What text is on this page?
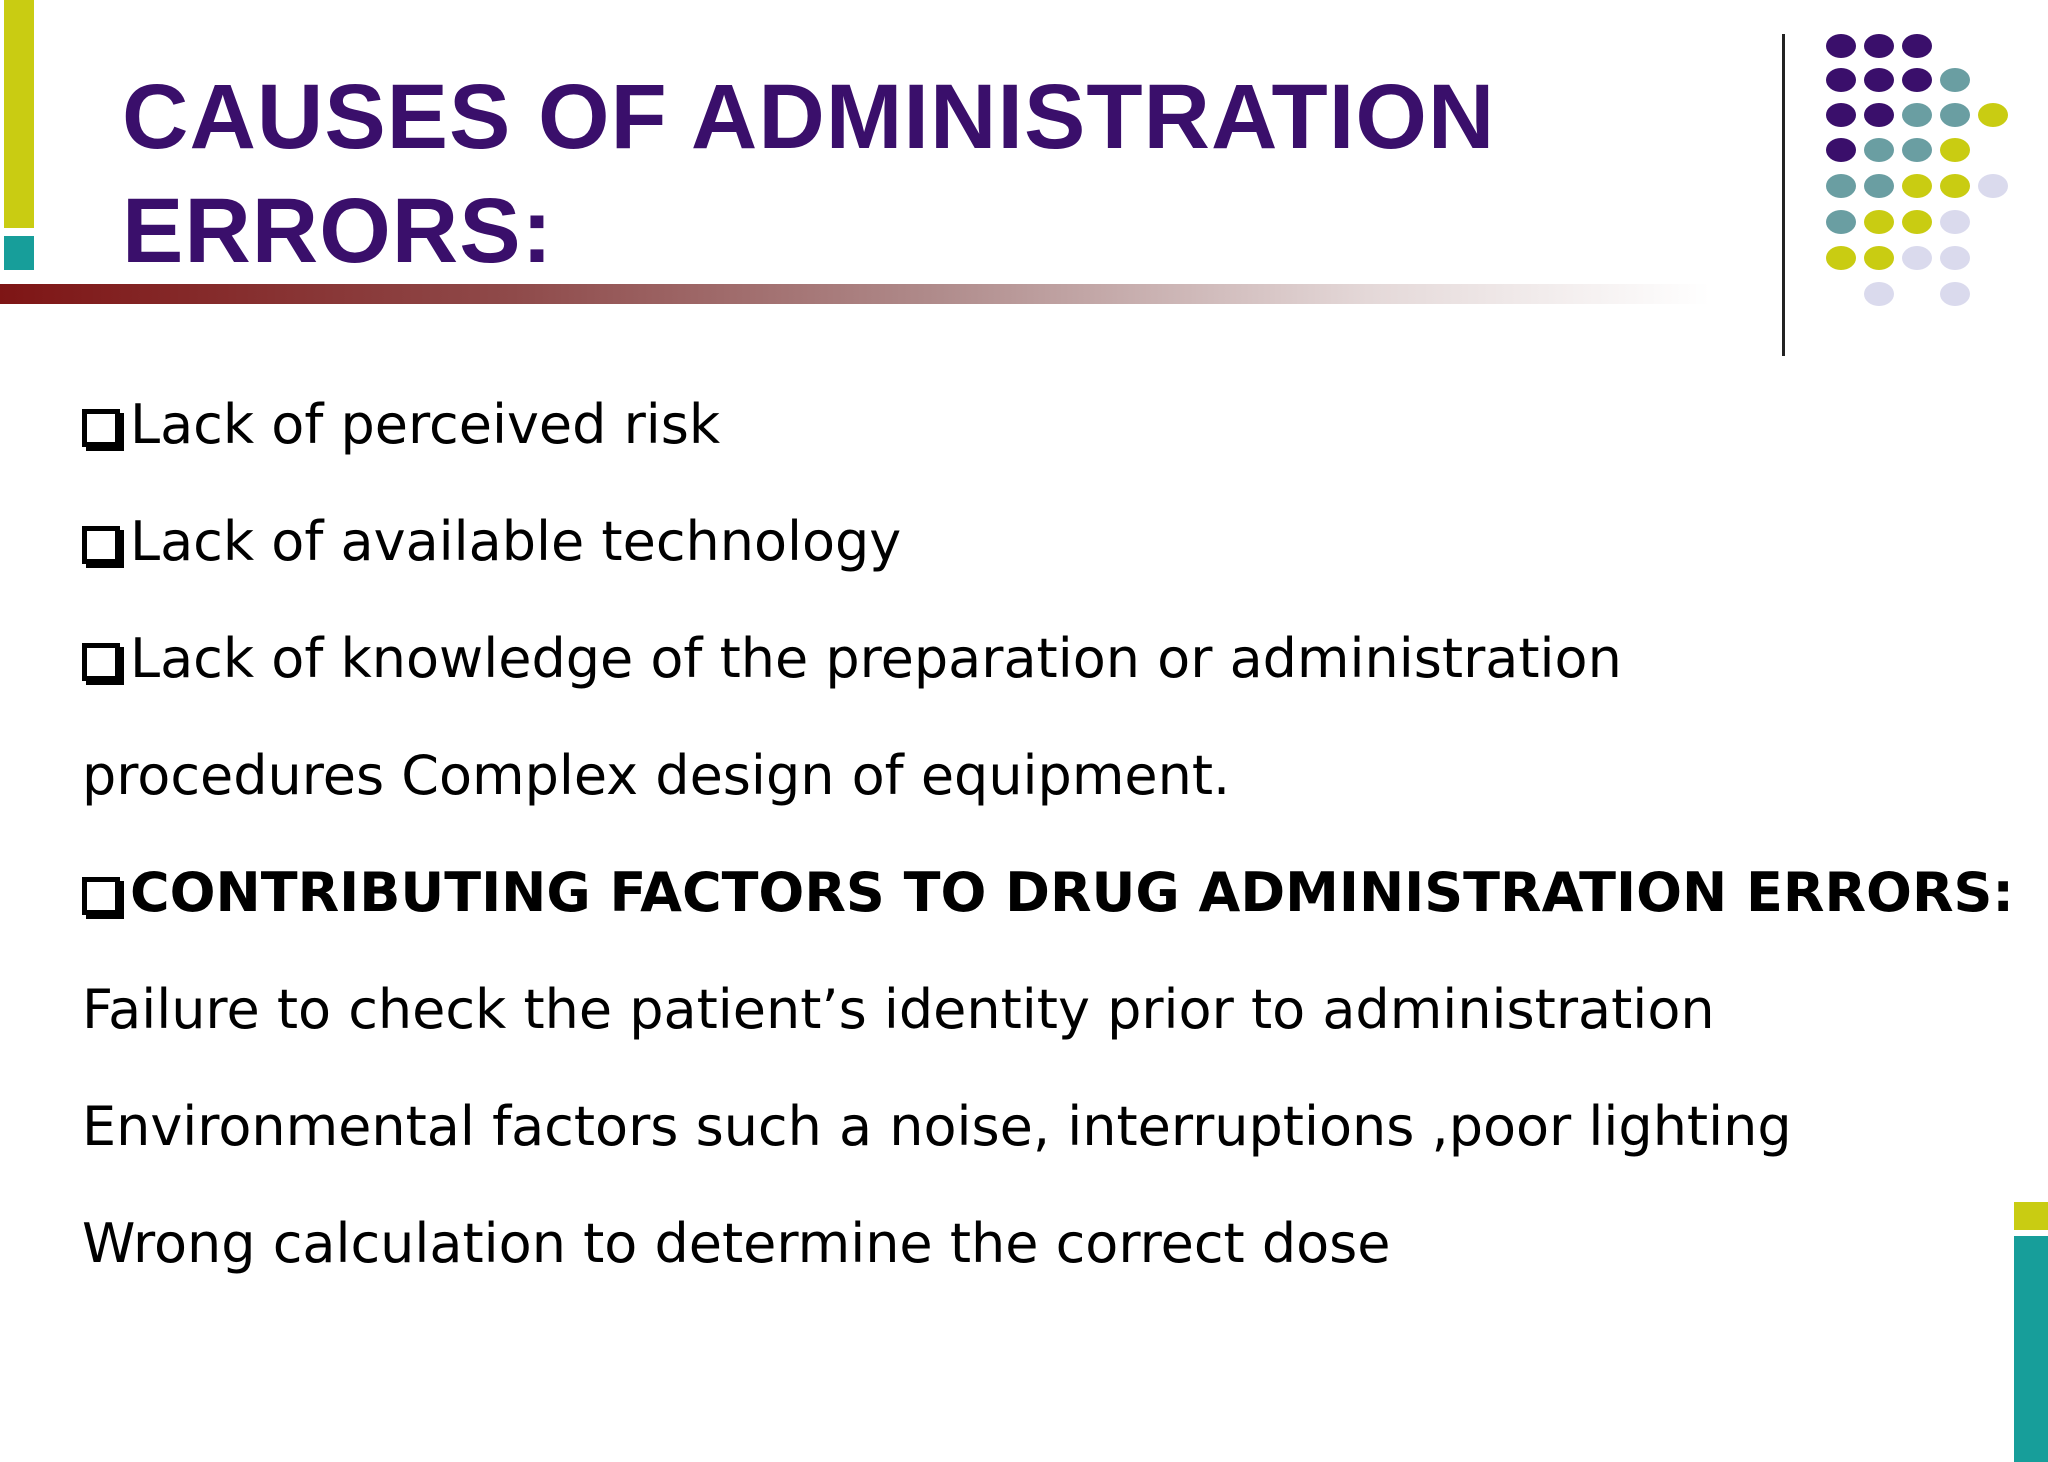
CAUSES OF ADMINISTRATION
ERRORS:
Lack of perceived risk
Lack of available technology
Lack of knowledge of the preparation or administration
procedures Complex design of equipment.
CONTRIBUTING FACTORS TO DRUG ADMINISTRATION ERRORS:
Failure to check the patient’s identity prior to administration
Environmental factors such a noise, interruptions ,poor lighting
Wrong calculation to determine the correct dose
